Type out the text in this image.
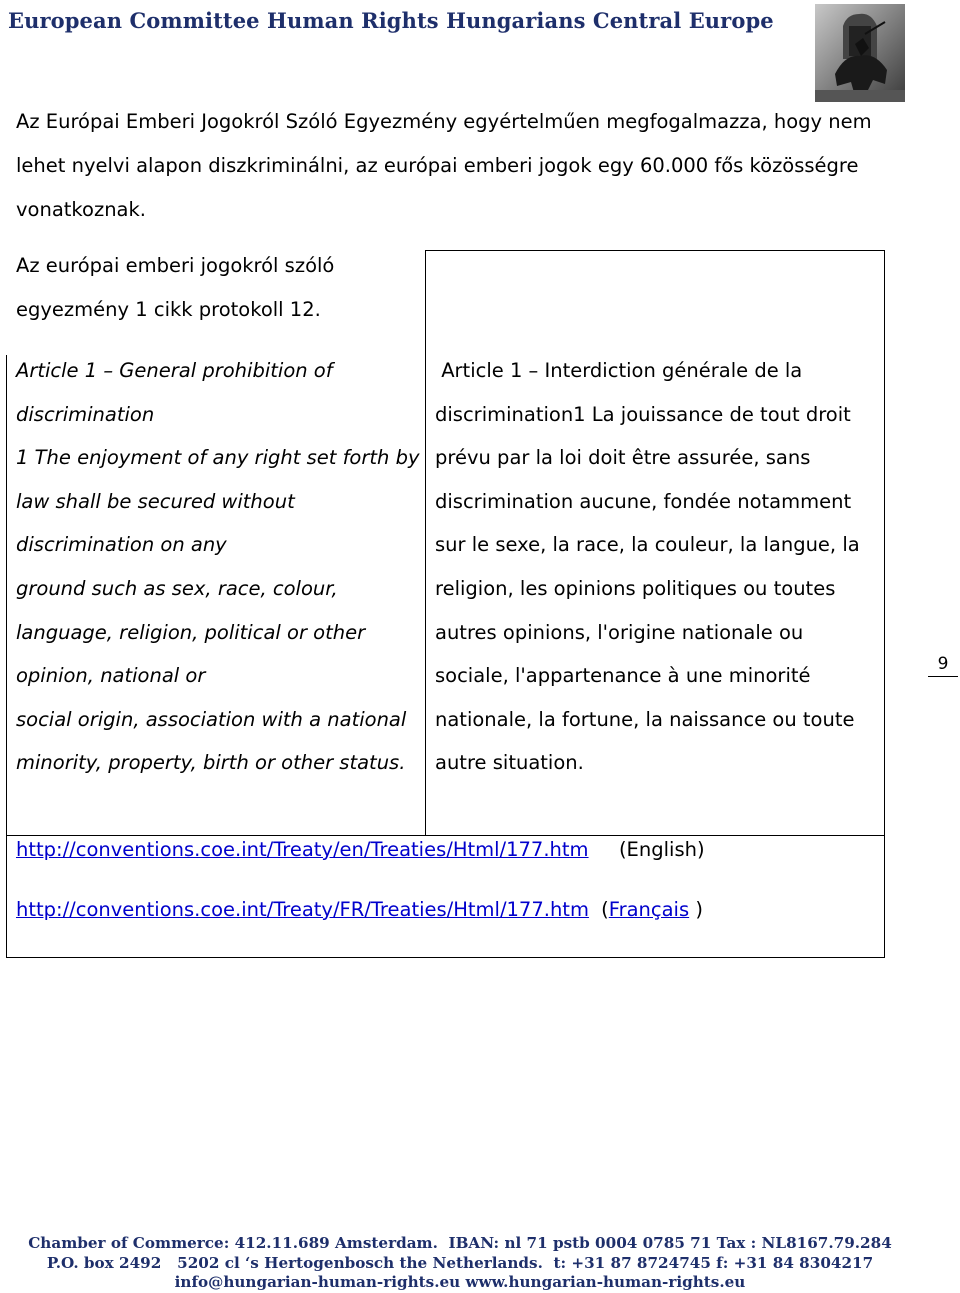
European Committee Human Rights Hungarians Central Europe
Az Európai Emberi Jogokról Szóló Egyezmény egyértelműen megfogalmazza, hogy nem
lehet nyelvi alapon diszkriminálni, az európai emberi jogok egy 60.000 fős közösségre
vonatkoznak.
Az európai emberi jogokról szóló
egyezmény 1 cikk protokoll 12.
Article 1 – General prohibition of
discrimination
1 The enjoyment of any right set forth by
law shall be secured without
discrimination on any
ground such as sex, race, colour,
language, religion, political or other
opinion, national or
social origin, association with a national
minority, property, birth or other status.
Article 1 – Interdiction générale de la
discrimination1 La jouissance de tout droit
prévu par la loi doit être assurée, sans
discrimination aucune, fondée notamment
sur le sexe, la race, la couleur, la langue, la
religion, les opinions politiques ou toutes
autres opinions, l'origine nationale ou
sociale, l'appartenance à une minorité
nationale, la fortune, la naissance ou toute
autre situation.
http://conventions.coe.int/Treaty/en/Treaties/Html/177.htm (English)
http://conventions.coe.int/Treaty/FR/Treaties/Html/177.htm (Français )
9
Chamber of Commerce: 412.11.689 Amsterdam.  IBAN: nl 71 pstb 0004 0785 71 Tax : NL8167.79.284
P.O. box 2492   5202 cl ‘s Hertogenbosch the Netherlands.  t: +31 87 8724745 f: +31 84 8304217
info@hungarian-human-rights.eu www.hungarian-human-rights.eu
